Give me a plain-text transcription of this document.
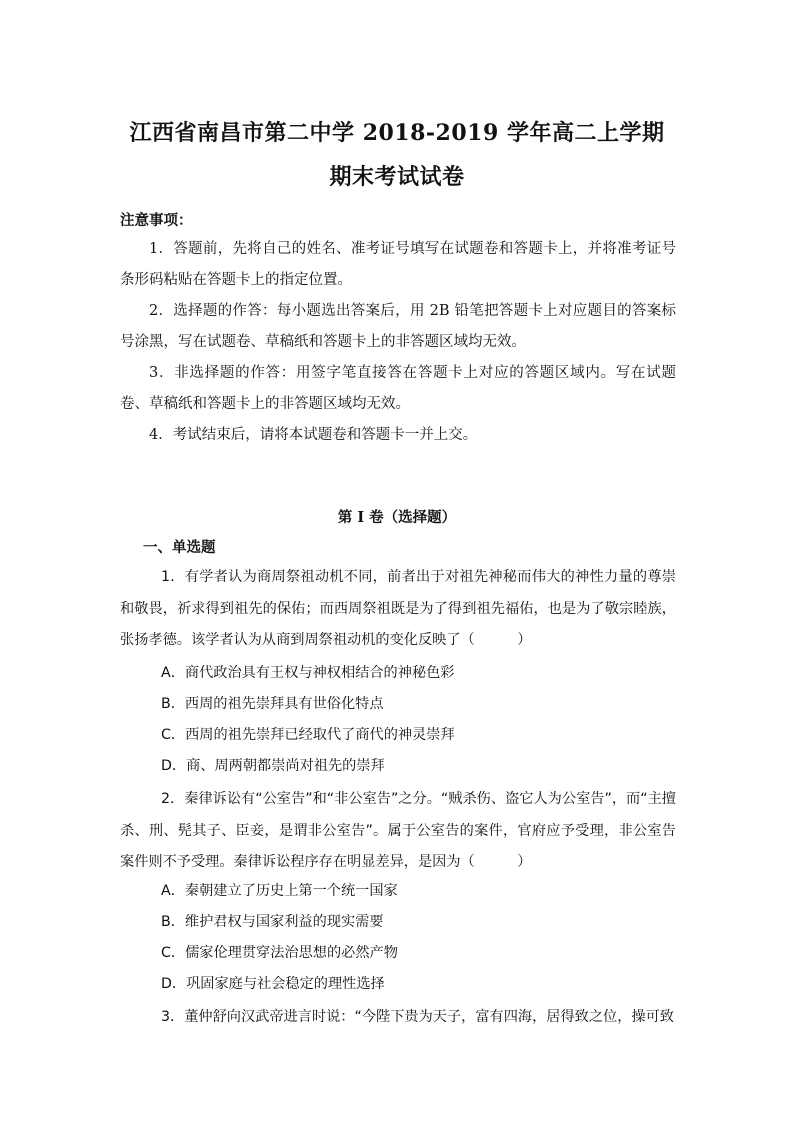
江西省南昌市第二中学 2018-2019 学年高二上学期
期末考试试卷
注意事项：
1．答题前，先将自己的姓名、准考证号填写在试题卷和答题卡上，并将准考证号条形码粘贴在答题卡上的指定位置。
2．选择题的作答：每小题选出答案后，用 2B 铅笔把答题卡上对应题目的答案标号涂黑，写在试题卷、草稿纸和答题卡上的非答题区域均无效。
3．非选择题的作答：用签字笔直接答在答题卡上对应的答题区域内。写在试题卷、草稿纸和答题卡上的非答题区域均无效。
4．考试结束后，请将本试题卷和答题卡一并上交。
第 I 卷（选择题）
一、单选题
1．有学者认为商周祭祖动机不同，前者出于对祖先神秘而伟大的神性力量的尊崇和敬畏，祈求得到祖先的保佑；而西周祭祖既是为了得到祖先福佑，也是为了敬宗睦族，张扬孝德。该学者认为从商到周祭祖动机的变化反映了（　　　）
A．商代政治具有王权与神权相结合的神秘色彩
B．西周的祖先崇拜具有世俗化特点
C．西周的祖先崇拜已经取代了商代的神灵崇拜
D．商、周两朝都崇尚对祖先的崇拜
2．秦律诉讼有“公室告”和“非公室告”之分。“贼杀伤、盗它人为公室告”，而“主擅杀、刑、髡其子、臣妾，是谓非公室告”。属于公室告的案件，官府应予受理，非公室告案件则不予受理。秦律诉讼程序存在明显差异，是因为（　　　）
A．秦朝建立了历史上第一个统一国家
B．维护君权与国家利益的现实需要
C．儒家伦理贯穿法治思想的必然产物
D．巩固家庭与社会稳定的理性选择
3．董仲舒向汉武帝进言时说：“今陛下贵为天子，富有四海，居得致之位，操可致
